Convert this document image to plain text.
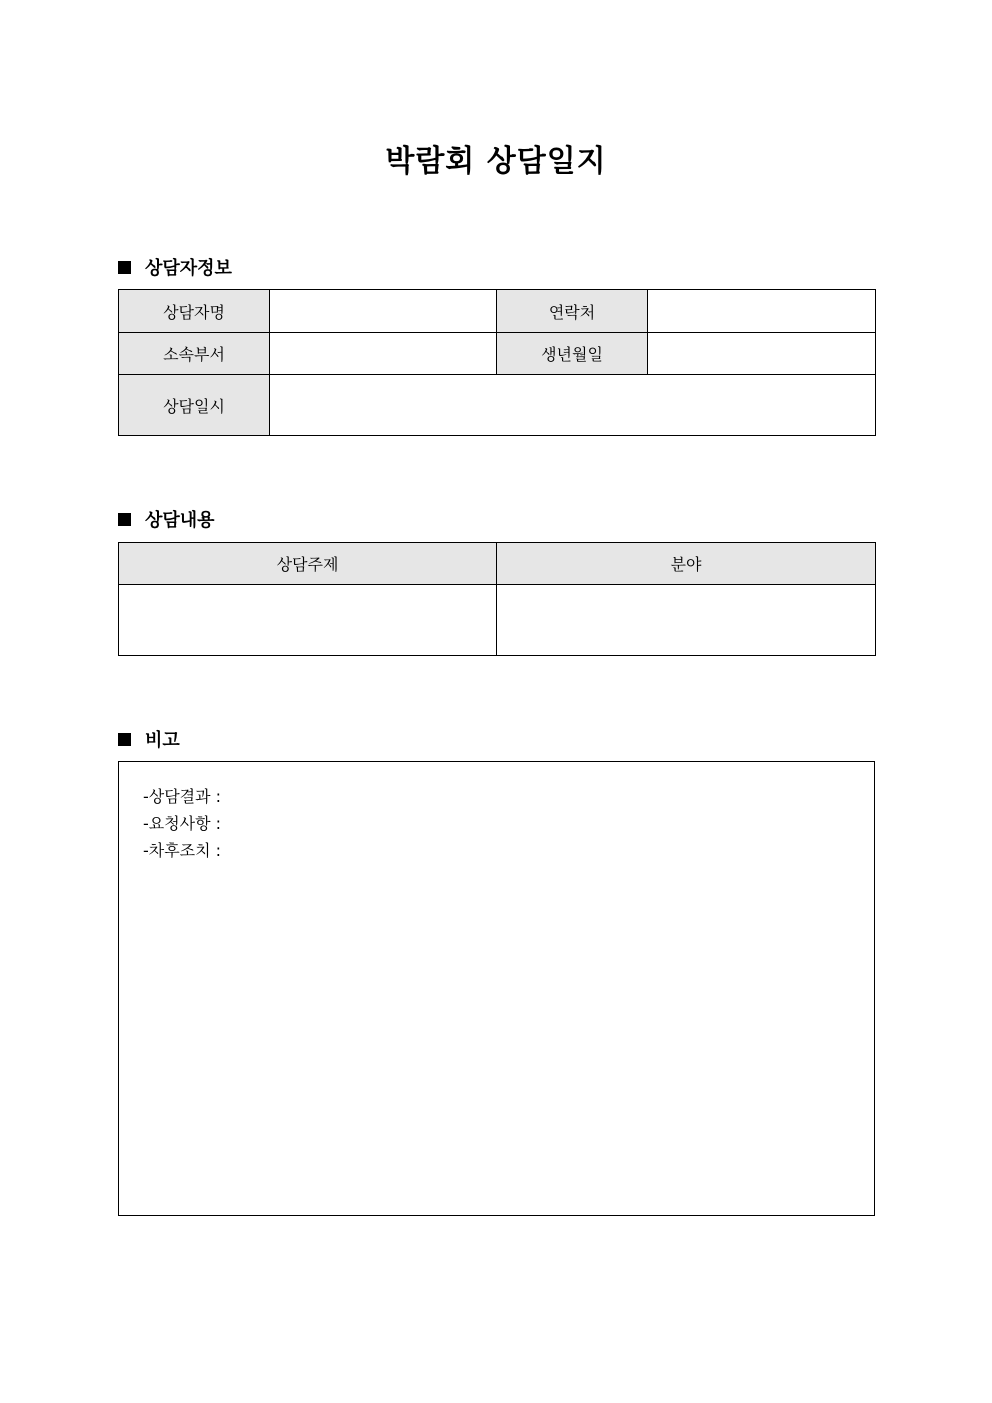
박람회 상담일지
상담자정보
상담자명		연락처	
소속부서		생년월일	
상담일시			
상담내용
상담주제	분야

비고
-상담결과 :
-요청사항 :
-차후조치 :
